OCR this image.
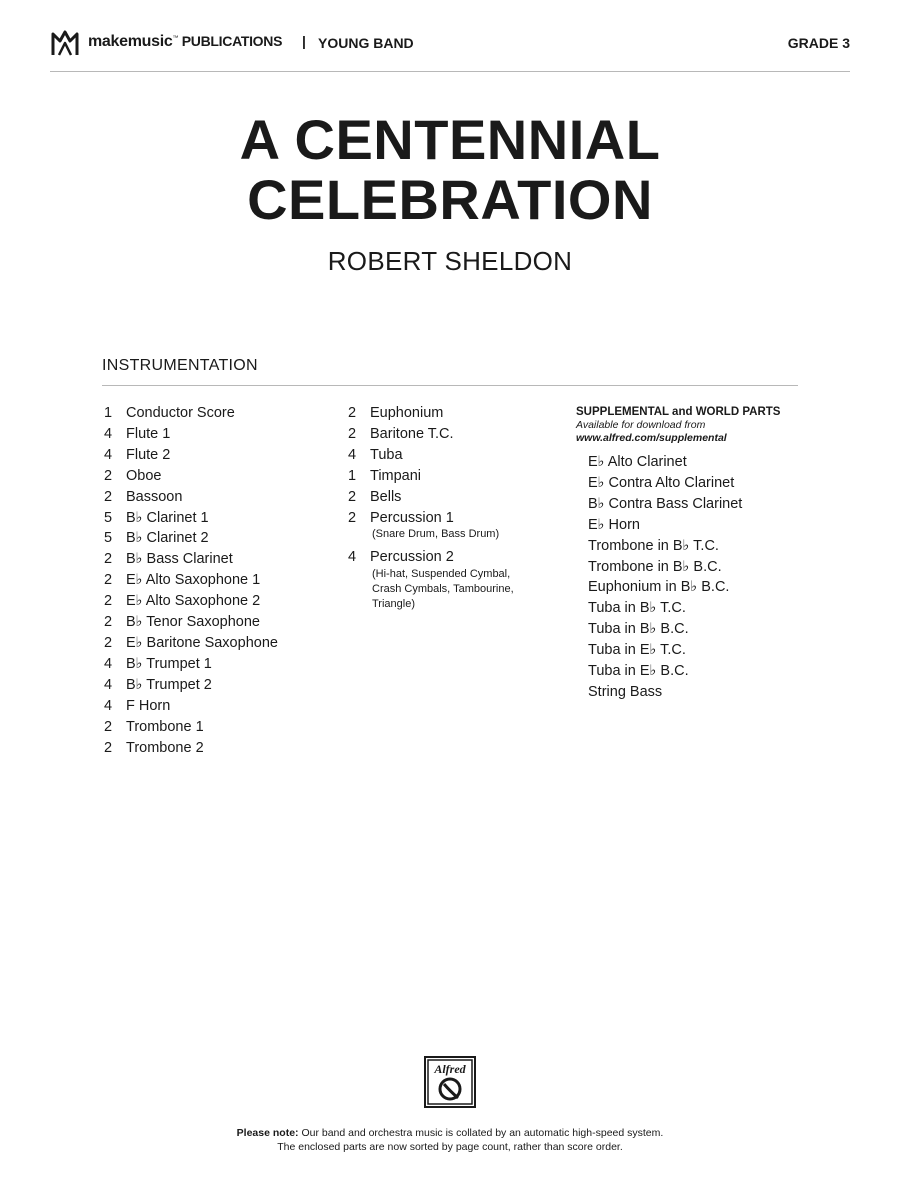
makemusic™ PUBLICATIONS | YOUNG BAND	GRADE 3
A CENTENNIAL
CELEBRATION
ROBERT SHELDON
INSTRUMENTATION
1 Conductor Score
4 Flute 1
4 Flute 2
2 Oboe
2 Bassoon
5 B♭ Clarinet 1
5 B♭ Clarinet 2
2 B♭ Bass Clarinet
2 E♭ Alto Saxophone 1
2 E♭ Alto Saxophone 2
2 B♭ Tenor Saxophone
2 E♭ Baritone Saxophone
4 B♭ Trumpet 1
4 B♭ Trumpet 2
4 F Horn
2 Trombone 1
2 Trombone 2
2 Euphonium
2 Baritone T.C.
4 Tuba
1 Timpani
2 Bells
2 Percussion 1
(Snare Drum, Bass Drum)
4 Percussion 2
(Hi-hat, Suspended Cymbal,
Crash Cymbals, Tambourine,
Triangle)
SUPPLEMENTAL and WORLD PARTS
Available for download from
www.alfred.com/supplemental
E♭ Alto Clarinet
E♭ Contra Alto Clarinet
B♭ Contra Bass Clarinet
E♭ Horn
Trombone in B♭ T.C.
Trombone in B♭ B.C.
Euphonium in B♭ B.C.
Tuba in B♭ T.C.
Tuba in B♭ B.C.
Tuba in E♭ T.C.
Tuba in E♭ B.C.
String Bass
Alfred
Please note: Our band and orchestra music is collated by an automatic high-speed system.
The enclosed parts are now sorted by page count, rather than score order.
